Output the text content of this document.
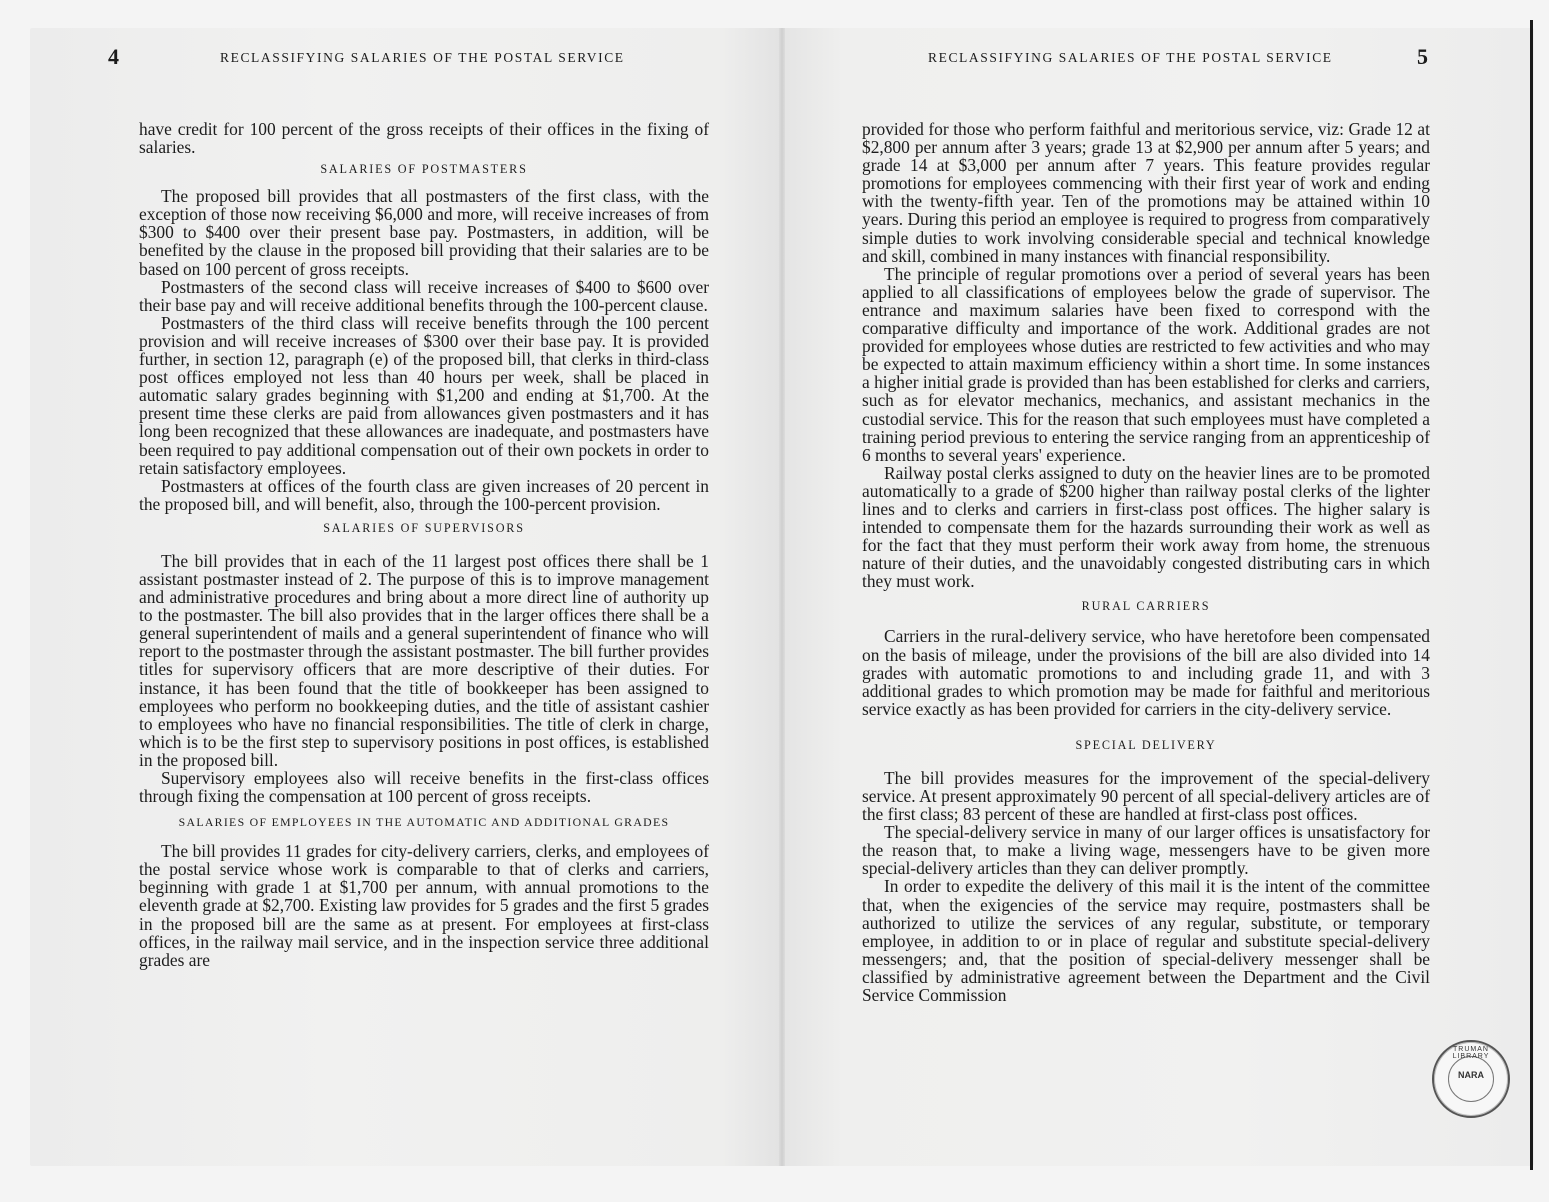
4	RECLASSIFYING SALARIES OF THE POSTAL SERVICE	RECLASSIFYING SALARIES OF THE POSTAL SERVICE	5

have credit for 100 percent of the gross receipts of their offices in the fixing of salaries.

SALARIES OF POSTMASTERS

The proposed bill provides that all postmasters of the first class, with the exception of those now receiving $6,000 and more, will receive increases of from $300 to $400 over their present base pay. Postmasters, in addition, will be benefited by the clause in the proposed bill providing that their salaries are to be based on 100 percent of gross receipts.

Postmasters of the second class will receive increases of $400 to $600 over their base pay and will receive additional benefits through the 100-percent clause.

Postmasters of the third class will receive benefits through the 100 percent provision and will receive increases of $300 over their base pay. It is provided further, in section 12, paragraph (e) of the proposed bill, that clerks in third-class post offices employed not less than 40 hours per week, shall be placed in automatic salary grades beginning with $1,200 and ending at $1,700. At the present time these clerks are paid from allowances given postmasters and it has long been recognized that these allowances are inadequate, and postmasters have been required to pay additional compensation out of their own pockets in order to retain satisfactory employees.

Postmasters at offices of the fourth class are given increases of 20 percent in the proposed bill, and will benefit, also, through the 100-percent provision.

SALARIES OF SUPERVISORS

The bill provides that in each of the 11 largest post offices there shall be 1 assistant postmaster instead of 2. The purpose of this is to improve management and administrative procedures and bring about a more direct line of authority up to the postmaster. The bill also provides that in the larger offices there shall be a general superintendent of mails and a general superintendent of finance who will report to the postmaster through the assistant postmaster. The bill further provides titles for supervisory officers that are more descriptive of their duties. For instance, it has been found that the title of bookkeeper has been assigned to employees who perform no bookkeeping duties, and the title of assistant cashier to employees who have no financial responsibilities. The title of clerk in charge, which is to be the first step to supervisory positions in post offices, is established in the proposed bill.

Supervisory employees also will receive benefits in the first-class offices through fixing the compensation at 100 percent of gross receipts.

SALARIES OF EMPLOYEES IN THE AUTOMATIC AND ADDITIONAL GRADES

The bill provides 11 grades for city-delivery carriers, clerks, and employees of the postal service whose work is comparable to that of clerks and carriers, beginning with grade 1 at $1,700 per annum, with annual promotions to the eleventh grade at $2,700. Existing law provides for 5 grades and the first 5 grades in the proposed bill are the same as at present. For employees at first-class offices, in the railway mail service, and in the inspection service three additional grades are

provided for those who perform faithful and meritorious service, viz: Grade 12 at $2,800 per annum after 3 years; grade 13 at $2,900 per annum after 5 years; and grade 14 at $3,000 per annum after 7 years. This feature provides regular promotions for employees commencing with their first year of work and ending with the twenty-fifth year. Ten of the promotions may be attained within 10 years. During this period an employee is required to progress from comparatively simple duties to work involving considerable special and technical knowledge and skill, combined in many instances with financial responsibility.

The principle of regular promotions over a period of several years has been applied to all classifications of employees below the grade of supervisor. The entrance and maximum salaries have been fixed to correspond with the comparative difficulty and importance of the work. Additional grades are not provided for employees whose duties are restricted to few activities and who may be expected to attain maximum efficiency within a short time. In some instances a higher initial grade is provided than has been established for clerks and carriers, such as for elevator mechanics, mechanics, and assistant mechanics in the custodial service. This for the reason that such employees must have completed a training period previous to entering the service ranging from an apprenticeship of 6 months to several years' experience.

Railway postal clerks assigned to duty on the heavier lines are to be promoted automatically to a grade of $200 higher than railway postal clerks of the lighter lines and to clerks and carriers in first-class post offices. The higher salary is intended to compensate them for the hazards surrounding their work as well as for the fact that they must perform their work away from home, the strenuous nature of their duties, and the unavoidably congested distributing cars in which they must work.

RURAL CARRIERS

Carriers in the rural-delivery service, who have heretofore been compensated on the basis of mileage, under the provisions of the bill are also divided into 14 grades with automatic promotions to and including grade 11, and with 3 additional grades to which promotion may be made for faithful and meritorious service exactly as has been provided for carriers in the city-delivery service.

SPECIAL DELIVERY

The bill provides measures for the improvement of the special-delivery service. At present approximately 90 percent of all special-delivery articles are of the first class; 83 percent of these are handled at first-class post offices.

The special-delivery service in many of our larger offices is unsatisfactory for the reason that, to make a living wage, messengers have to be given more special-delivery articles than they can deliver promptly.

In order to expedite the delivery of this mail it is the intent of the committee that, when the exigencies of the service may require, postmasters shall be authorized to utilize the services of any regular, substitute, or temporary employee, in addition to or in place of regular and substitute special-delivery messengers; and, that the position of special-delivery messenger shall be classified by administrative agreement between the Department and the Civil Service Commission

TRUMAN LIBRARY
NARA
